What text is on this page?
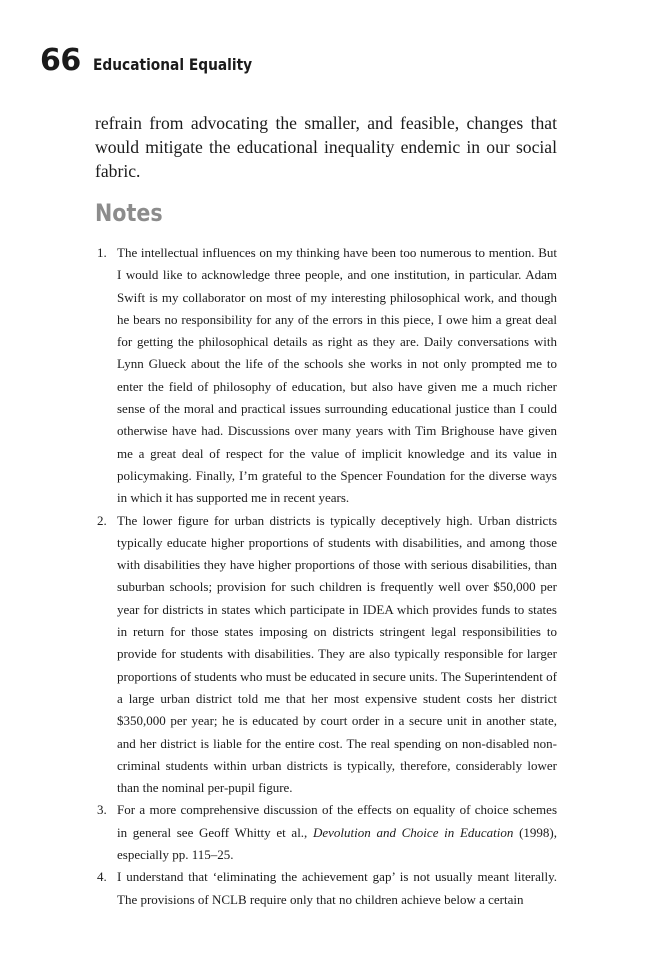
66 Educational Equality

refrain from advocating the smaller, and feasible, changes that would mitigate the educational inequality endemic in our social fabric.

Notes
1. The intellectual influences on my thinking have been too numerous to mention. But I would like to acknowledge three people, and one institution, in particular. Adam Swift is my collaborator on most of my interesting philosophical work, and though he bears no responsibility for any of the errors in this piece, I owe him a great deal for getting the philosophical details as right as they are. Daily conversations with Lynn Glueck about the life of the schools she works in not only prompted me to enter the field of philosophy of education, but also have given me a much richer sense of the moral and practical issues surrounding educational justice than I could otherwise have had. Discussions over many years with Tim Brighouse have given me a great deal of respect for the value of implicit knowledge and its value in policymaking. Finally, I’m grateful to the Spencer Foundation for the diverse ways in which it has supported me in recent years.
2. The lower figure for urban districts is typically deceptively high. Urban districts typically educate higher proportions of students with disabilities, and among those with disabilities they have higher proportions of those with serious disabilities, than suburban schools; provision for such children is frequently well over $50,000 per year for districts in states which participate in IDEA which provides funds to states in return for those states imposing on districts stringent legal responsibilities to provide for students with disabilities. They are also typically responsible for larger proportions of students who must be educated in secure units. The Superintendent of a large urban district told me that her most expensive student costs her district $350,000 per year; he is educated by court order in a secure unit in another state, and her district is liable for the entire cost. The real spending on non-disabled non-criminal students within urban districts is typically, therefore, considerably lower than the nominal per-pupil figure.
3. For a more comprehensive discussion of the effects on equality of choice schemes in general see Geoff Whitty et al., Devolution and Choice in Education (1998), especially pp. 115–25.
4. I understand that ‘eliminating the achievement gap’ is not usually meant literally. The provisions of NCLB require only that no children achieve below a certain
